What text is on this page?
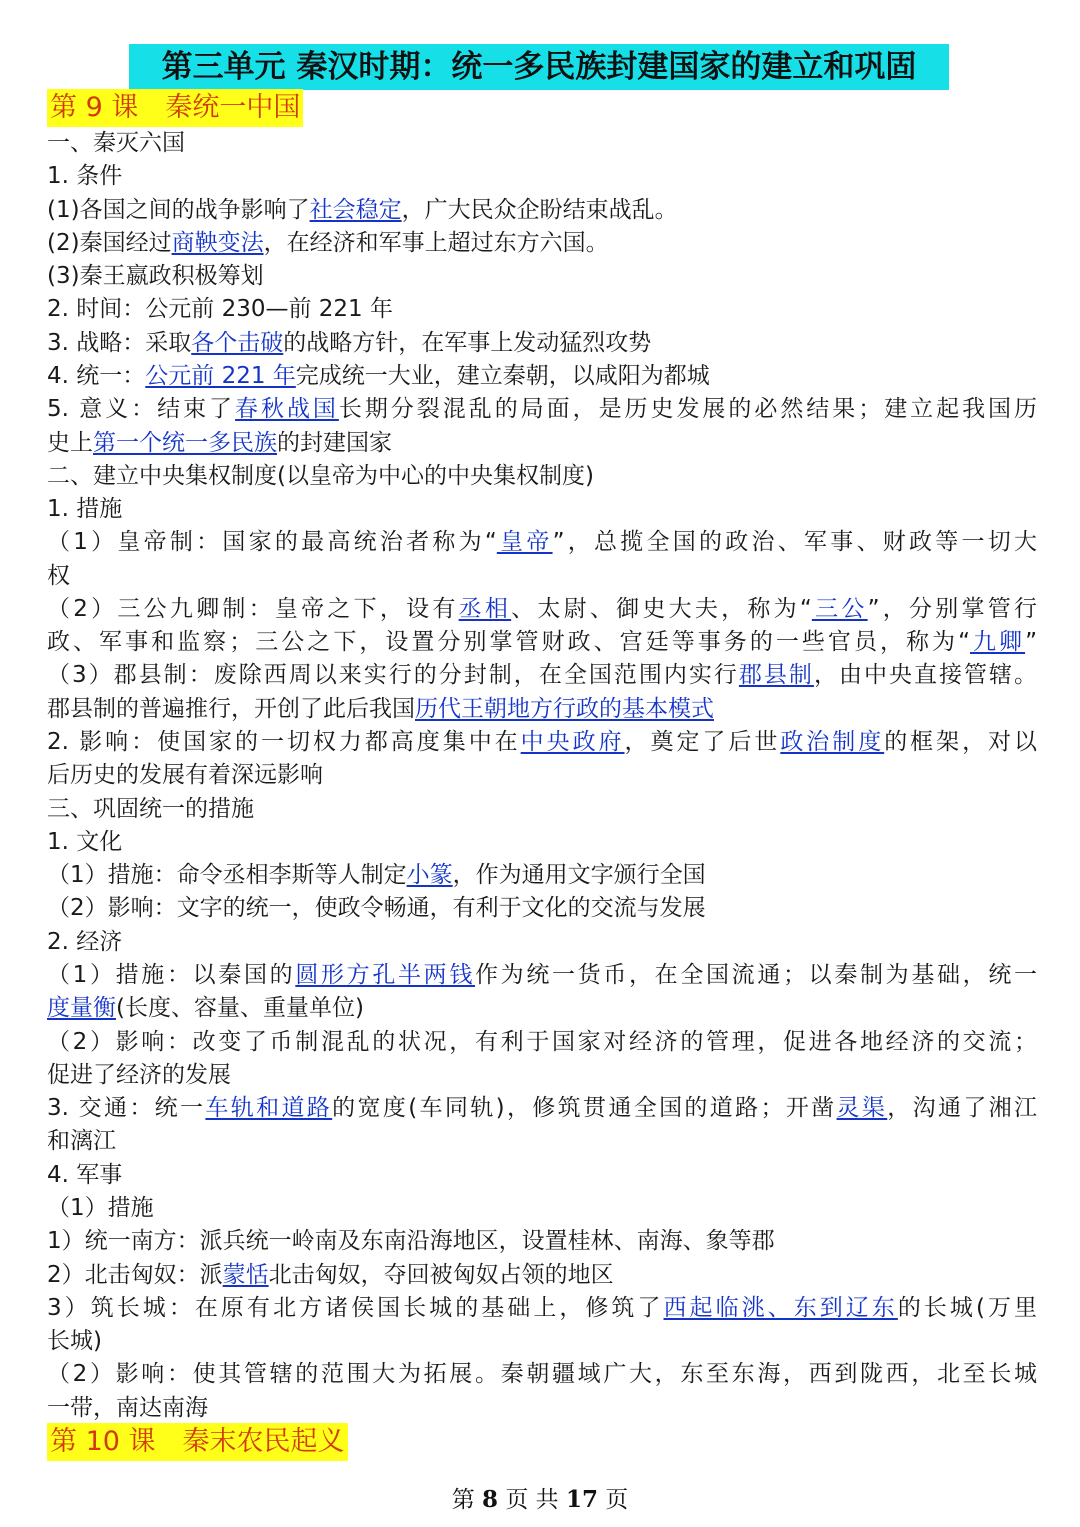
第三单元 秦汉时期：统一多民族封建国家的建立和巩固
第 9 课　秦统一中国
一、秦灭六国
1. 条件
(1)各国之间的战争影响了社会稳定，广大民众企盼结束战乱。
(2)秦国经过商鞅变法，在经济和军事上超过东方六国。
(3)秦王嬴政积极筹划
2. 时间：公元前 230—前 221 年
3. 战略：采取各个击破的战略方针，在军事上发动猛烈攻势
4. 统一：公元前 221 年完成统一大业，建立秦朝，以咸阳为都城
5. 意义：结束了春秋战国长期分裂混乱的局面，是历史发展的必然结果；建立起我国历
史上第一个统一多民族的封建国家
二、建立中央集权制度(以皇帝为中心的中央集权制度)
1. 措施
（1）皇帝制：国家的最高统治者称为“皇帝”，总揽全国的政治、军事、财政等一切大
权
（2）三公九卿制：皇帝之下，设有丞相、太尉、御史大夫，称为“三公”，分别掌管行
政、军事和监察；三公之下，设置分别掌管财政、宫廷等事务的一些官员，称为“九卿”
（3）郡县制：废除西周以来实行的分封制，在全国范围内实行郡县制，由中央直接管辖。
郡县制的普遍推行，开创了此后我国历代王朝地方行政的基本模式
2. 影响：使国家的一切权力都高度集中在中央政府，奠定了后世政治制度的框架，对以
后历史的发展有着深远影响
三、巩固统一的措施
1. 文化
（1）措施：命令丞相李斯等人制定小篆，作为通用文字颁行全国
（2）影响：文字的统一，使政令畅通，有利于文化的交流与发展
2. 经济
（1）措施：以秦国的圆形方孔半两钱作为统一货币，在全国流通；以秦制为基础，统一
度量衡(长度、容量、重量单位)
（2）影响：改变了币制混乱的状况，有利于国家对经济的管理，促进各地经济的交流；
促进了经济的发展
3. 交通：统一车轨和道路的宽度(车同轨)，修筑贯通全国的道路；开凿灵渠，沟通了湘江
和漓江
4. 军事
（1）措施
1）统一南方：派兵统一岭南及东南沿海地区，设置桂林、南海、象等郡
2）北击匈奴：派蒙恬北击匈奴，夺回被匈奴占领的地区
3）筑长城：在原有北方诸侯国长城的基础上，修筑了西起临洮、东到辽东的长城(万里
长城)
（2）影响：使其管辖的范围大为拓展。秦朝疆域广大，东至东海，西到陇西，北至长城
一带，南达南海
第 10 课　秦末农民起义
第 8 页 共 17 页
